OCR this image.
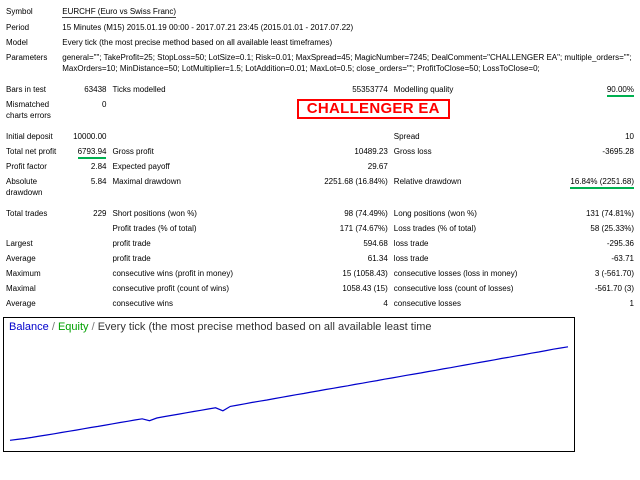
Symbol	EURCHF (Euro vs Swiss Franc)				
Period	15 Minutes (M15) 2015.01.19 00:00 - 2017.07.21 23:45 (2015.01.01 - 2017.07.22)				
Model	Every tick (the most precise method based on all available least timeframes)				
Parameters	general=""; TakeProfit=25; StopLoss=50; LotSize=0.1; Risk=0.01; MaxSpread=45; MagicNumber=7245; DealComment="CHALLENGER EA"; multiple_orders=""; MaxOrders=10; MinDistance=50; LotMultiplier=1.5; LotAddition=0.01; MaxLot=0.5; close_orders=""; ProfitToClose=50; LossToClose=0;				

Bars in test	63438	Ticks modelled	55353774	Modelling quality	90.00%
Mismatched charts errors	0	CHALLENGER EA			

Initial deposit	10000.00			Spread	10
Total net profit	6793.94	Gross profit	10489.23	Gross loss	-3695.28
Profit factor	2.84	Expected payoff	29.67		
Absolute drawdown	5.84	Maximal drawdown	2251.68 (16.84%)	Relative drawdown	16.84% (2251.68)

Total trades	229	Short positions (won %)	98 (74.49%)	Long positions (won %)	131 (74.81%)
		Profit trades (% of total)	171 (74.67%)	Loss trades (% of total)	58 (25.33%)
Largest		profit trade	594.68	loss trade	-295.36
Average		profit trade	61.34	loss trade	-63.71
Maximum		consecutive wins (profit in money)	15 (1058.43)	consecutive losses (loss in money)	3 (-561.70)
Maximal		consecutive profit (count of wins)	1058.43 (15)	consecutive loss (count of losses)	-561.70 (3)
Average		consecutive wins	4	consecutive losses	1
Balance / Equity / Every tick (the most precise method based on all available least time
